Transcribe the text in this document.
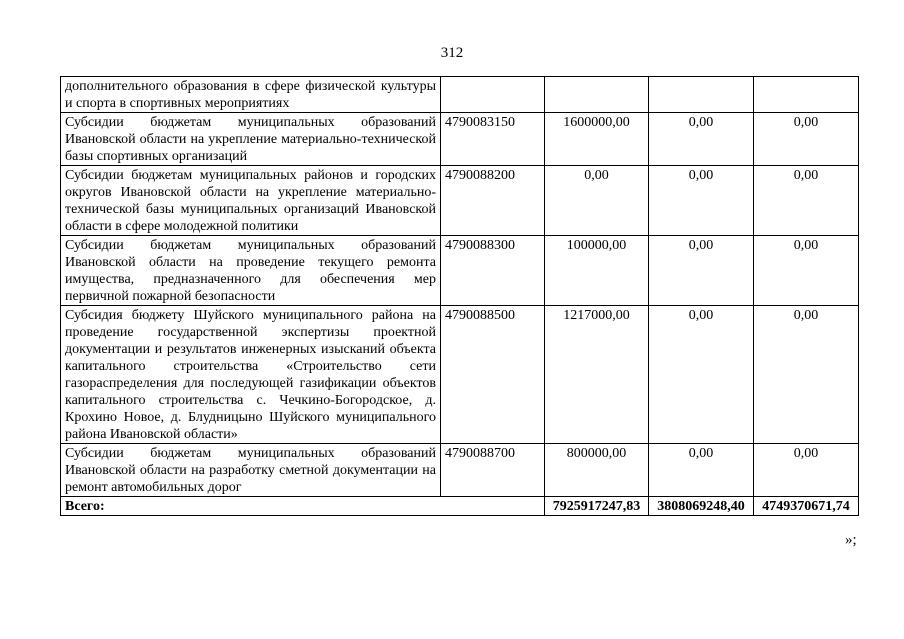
312
дополнительного образования в сфере физической культуры и спорта в спортивных мероприятиях				
Субсидии бюджетам муниципальных образований Ивановской области на укрепление материально-технической базы спортивных организаций	4790083150	1600000,00	0,00	0,00
Субсидии бюджетам муниципальных районов и городских округов Ивановской области на укрепление материально-технической базы муниципальных организаций Ивановской области в сфере молодежной политики	4790088200	0,00	0,00	0,00
Субсидии бюджетам муниципальных образований Ивановской области на проведение текущего ремонта имущества, предназначенного для обеспечения мер первичной пожарной безопасности	4790088300	100000,00	0,00	0,00
Субсидия бюджету Шуйского муниципального района на проведение государственной экспертизы проектной документации и результатов инженерных изысканий объекта капитального строительства «Строительство сети газораспределения для последующей газификации объектов капитального строительства с. Чечкино-Богородское, д. Крохино Новое, д. Блудницыно Шуйского муниципального района Ивановской области»	4790088500	1217000,00	0,00	0,00
Субсидии бюджетам муниципальных образований Ивановской области на разработку сметной документации на ремонт автомобильных дорог	4790088700	800000,00	0,00	0,00
Всего:		7925917247,83	3808069248,40	4749370671,74
»;
